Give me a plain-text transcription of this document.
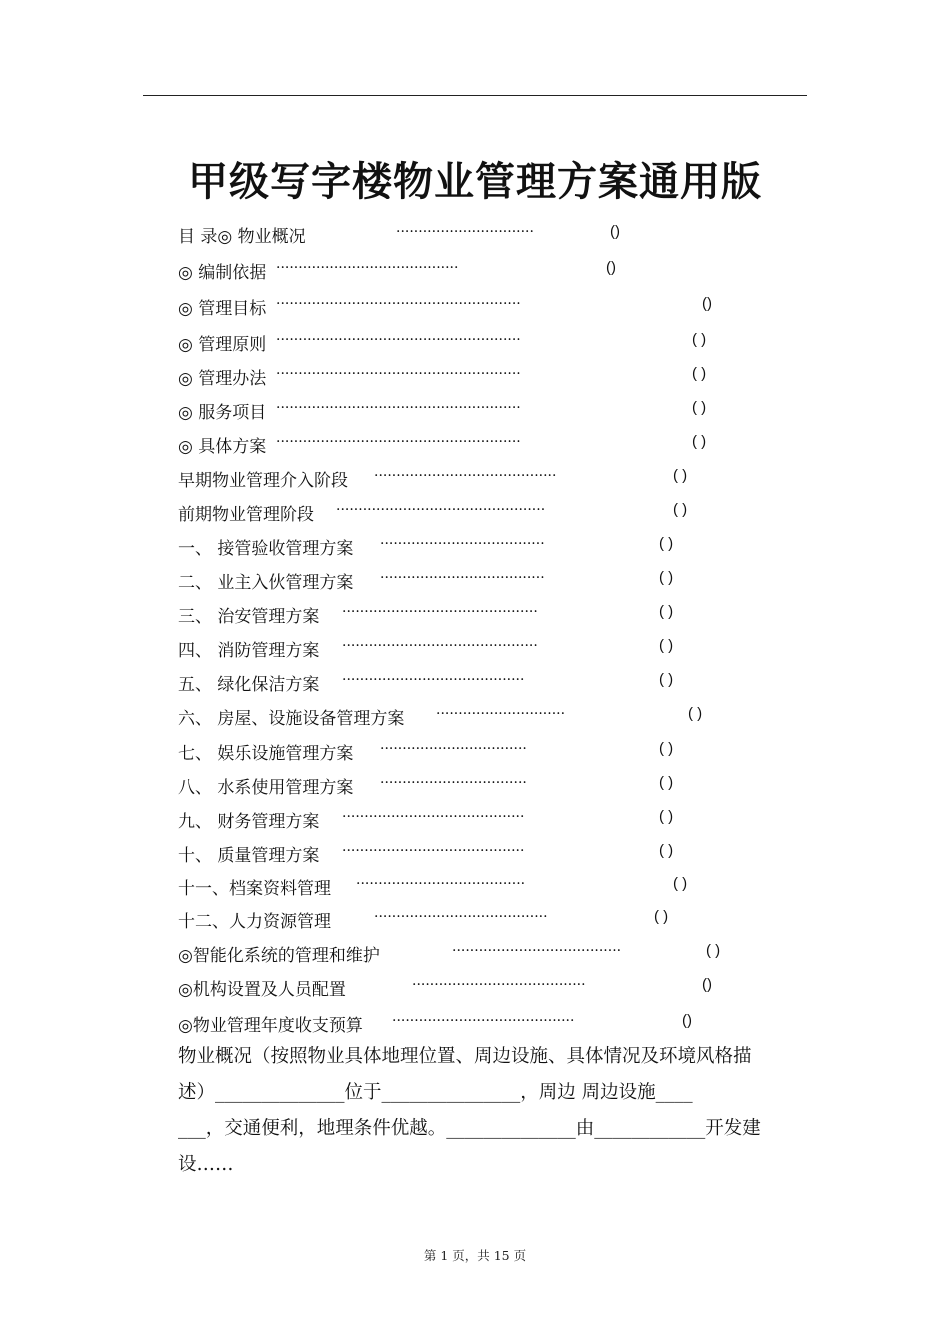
甲级写字楼物业管理方案通用版
目 录◎ 物业概况	·······························	()
◎ 编制依据 ·········································	()
◎ 管理目标 ·······················································	()
◎ 管理原则 ·······················································	( )
◎ 管理办法 ·······················································	( )
◎ 服务项目 ·······················································	( )
◎ 具体方案 ·······················································	( )
早期物业管理介入阶段 ·········································	( )
前期物业管理阶段 ···············································	( )
一、 接管验收管理方案 ·····································	( )
二、 业主入伙管理方案 ·····································	( )
三、 治安管理方案 ············································	( )
四、 消防管理方案 ············································	( )
五、 绿化保洁方案 ·········································	( )
六、 房屋、设施设备管理方案 ·····························	( )
七、 娱乐设施管理方案 ·································	( )
八、 水系使用管理方案 ·································	( )
九、 财务管理方案 ·········································	( )
十、 质量管理方案 ·········································	( )
十一、档案资料管理 ······································	( )
十二、人力资源管理	·······································	( )
◎智能化系统的管理和维护	······································	( )
◎机构设置及人员配置	·······································	()
◎物业管理年度收支预算 ·········································	()
物业概况（按照物业具体地理位置、周边设施、具体情况及环境风格描
述）______________位于_______________，周边 周边设施____
___，交通便利，地理条件优越。______________由____________开发建
设……
第 1 页，共 15 页
